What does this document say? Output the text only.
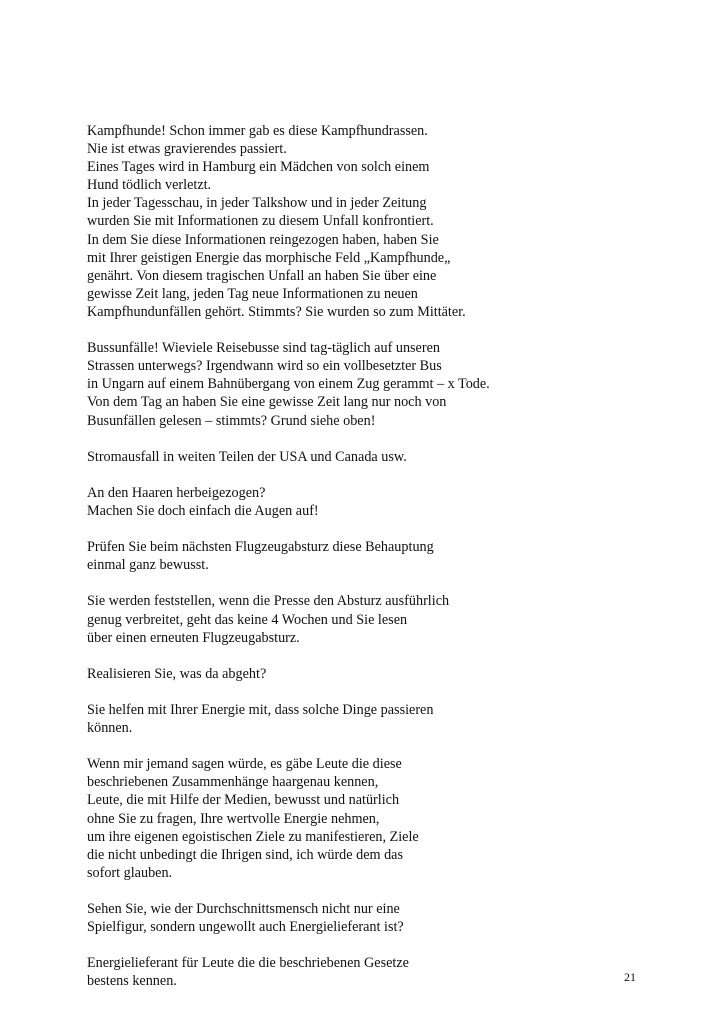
Kampfhunde! Schon immer gab es diese Kampfhundrassen.
Nie ist etwas gravierendes passiert.
Eines Tages wird in Hamburg ein Mädchen von solch einem
Hund tödlich verletzt.
In jeder Tagesschau, in jeder Talkshow und in jeder Zeitung
wurden Sie mit Informationen zu diesem Unfall konfrontiert.
In dem Sie diese Informationen reingezogen haben, haben Sie
mit Ihrer geistigen Energie das morphische Feld „Kampfhunde„
genährt. Von diesem tragischen Unfall an haben Sie über eine
gewisse Zeit lang, jeden Tag neue Informationen zu neuen
Kampfhundunfällen gehört. Stimmts? Sie wurden so zum Mittäter.

Bussunfälle! Wieviele Reisebusse sind tag-täglich auf unseren
Strassen unterwegs? Irgendwann wird so ein vollbesetzter Bus
in Ungarn auf einem Bahnübergang von einem Zug gerammt – x Tode.
Von dem Tag an haben Sie eine gewisse Zeit lang nur noch von
Busunfällen gelesen – stimmts? Grund siehe oben!

Stromausfall in weiten Teilen der USA und Canada usw.

An den Haaren herbeigezogen?
Machen Sie doch einfach die Augen auf!

Prüfen Sie beim nächsten Flugzeugabsturz diese Behauptung
einmal ganz bewusst.

Sie werden feststellen, wenn die Presse den Absturz ausführlich
genug verbreitet, geht das keine 4 Wochen und Sie lesen
über einen erneuten Flugzeugabsturz.

Realisieren Sie, was da abgeht?

Sie helfen mit Ihrer Energie mit, dass solche Dinge passieren
können.

Wenn mir jemand sagen würde, es gäbe Leute die diese
beschriebenen Zusammenhänge haargenau kennen,
Leute, die mit Hilfe der Medien, bewusst und natürlich
ohne Sie zu fragen, Ihre wertvolle Energie nehmen,
um ihre eigenen egoistischen Ziele zu manifestieren, Ziele
die nicht unbedingt die Ihrigen sind, ich würde dem das
sofort glauben.

Sehen Sie, wie der Durchschnittsmensch nicht nur eine
Spielfigur, sondern ungewollt auch Energielieferant ist?

Energielieferant für Leute die die beschriebenen Gesetze
bestens kennen.	21
